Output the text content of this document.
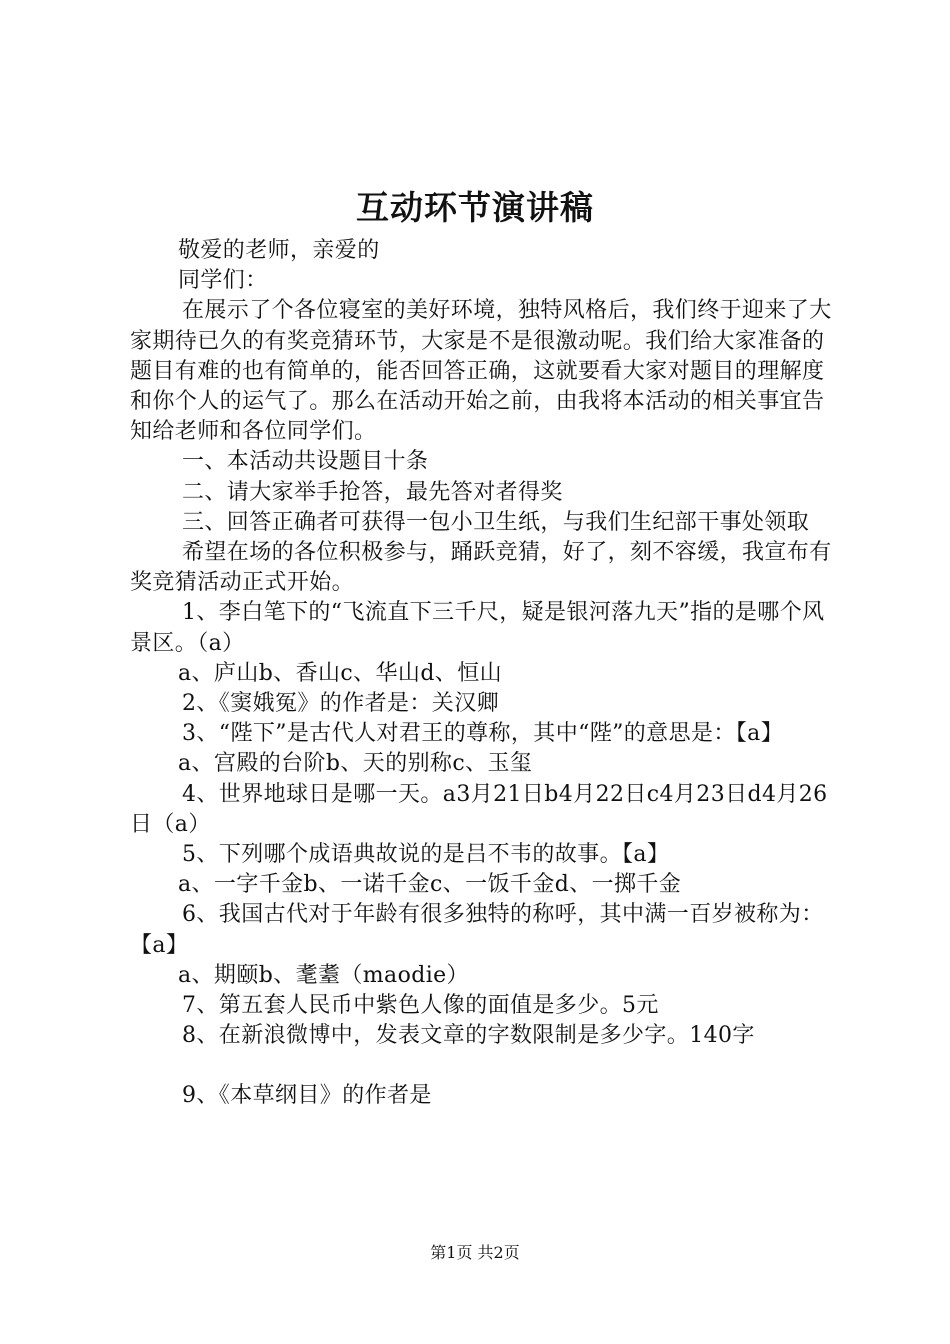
互动环节演讲稿

敬爱的老师，亲爱的

同学们：

在展示了个各位寝室的美好环境，独特风格后，我们终于迎来了大家期待已久的有奖竞猜环节，大家是不是很激动呢。我们给大家准备的题目有难的也有简单的，能否回答正确，这就要看大家对题目的理解度和你个人的运气了。那么在活动开始之前，由我将本活动的相关事宜告知给老师和各位同学们。

一、本活动共设题目十条

二、请大家举手抢答，最先答对者得奖

三、回答正确者可获得一包小卫生纸，与我们生纪部干事处领取

希望在场的各位积极参与，踊跃竞猜，好了，刻不容缓，我宣布有奖竞猜活动正式开始。

1、李白笔下的“飞流直下三千尺，疑是银河落九天”指的是哪个风景区。（a）

a、庐山b、香山c、华山d、恒山

2、《窦娥冤》的作者是：关汉卿

3、“陛下”是古代人对君王的尊称，其中“陛”的意思是：【a】

a、宫殿的台阶b、天的别称c、玉玺

4、世界地球日是哪一天。a3月21日b4月22日c4月23日d4月26日（a）

5、下列哪个成语典故说的是吕不韦的故事。【a】

a、一字千金b、一诺千金c、一饭千金d、一掷千金

6、我国古代对于年龄有很多独特的称呼，其中满一百岁被称为：【a】

a、期颐b、耄耋（maodie）

7、第五套人民币中紫色人像的面值是多少。5元

8、在新浪微博中，发表文章的字数限制是多少字。140字

9、《本草纲目》的作者是

第1页 共2页
